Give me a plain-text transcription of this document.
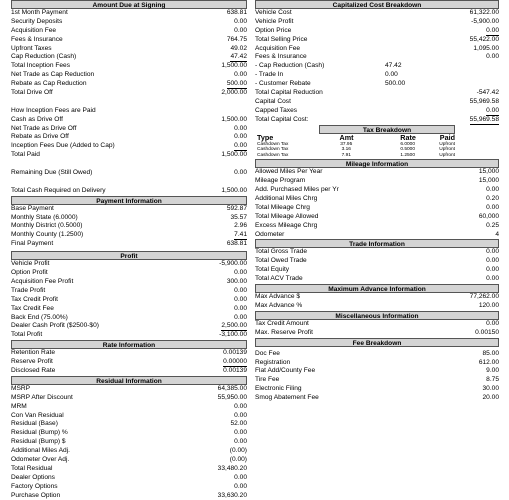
Amount Due at Signing
1st Month Payment	638.81
Security Deposits	0.00
Acquisition Fee	0.00
Fees & Insurance	764.75
Upfront Taxes	49.02
Cap Reduction (Cash)	47.42
Total Inception Fees	1,500.00
Net Trade as Cap Reduction	0.00
Rebate as Cap Reduction	500.00
Total Drive Off	2,000.00
How Inception Fees are Paid
Cash as Drive Off	1,500.00
Net Trade as Drive Off	0.00
Rebate as Drive Off	0.00
Inception Fees Due (Added to Cap)	0.00
Total Paid	1,500.00
Remaining Due (Still Owed)	0.00
Total Cash Required on Delivery	1,500.00
Payment Information
Base Payment	592.87
Monthly State (6.0000)	35.57
Monthly District (0.5000)	2.96
Monthly County (1.2500)	7.41
Final Payment	638.81
Profit
Vehicle Profit	-5,900.00
Option Profit	0.00
Acquisition Fee Profit	300.00
Trade Profit	0.00
Tax Credit Profit	0.00
Tax Credit Fee	0.00
Back End (75.00%)	0.00
Dealer Cash Profit ($2500-$0)	2,500.00
Total Profit	-3,100.00
Rate Information
Retention Rate	0.00139
Reserve Profit	0.00000
Disclosed Rate	0.00139
Residual Information
MSRP	64,385.00
MSRP After Discount	55,950.00
MRM	0.00
Con Van Residual	0.00
Residual (Base)	52.00
Residual (Bump) %	0.00
Residual (Bump) $	0.00
Additional Miles Adj.	(0.00)
Odometer Over Adj.	(0.00)
Total Residual	33,480.20
Dealer Options	0.00
Factory Options	0.00
Purchase Option	33,630.20
Capitalized Cost Breakdown
Vehicle Cost	61,322.00
Vehicle Profit	-5,900.00
Option Price	0.00
Total Selling Price	55,422.00
Acquisition Fee	1,095.00
Fees & Insurance	0.00
- Cap Reduction (Cash)	47.42
- Trade In	0.00
- Customer Rebate	500.00
Total Capital Reduction	-547.42
Capital Cost	55,969.58
Capped Taxes	0.00
Total Capital Cost:	55,969.58
Tax Breakdown
Type	Amt	Rate	Paid
Cashdown Tax	37.95	6.0000	Upfront
Cashdown Tax	3.16	0.5000	Upfront
Cashdown Tax	7.91	1.2500	Upfront
Mileage Information
Allowed Miles Per Year	15,000
Mileage Program	15,000
Add. Purchased Miles per Yr	0.00
Additional Miles Chrg	0.20
Total Mileage Chrg	0.00
Total Mileage Allowed	60,000
Excess Mileage Chrg	0.25
Odometer	4
Trade Information
Total Gross Trade	0.00
Total Owed Trade	0.00
Total Equity	0.00
Total ACV Trade	0.00
Maximum Advance Information
Max Advance $	77,262.00
Max Advance %	120.00
Miscellaneous Information
Tax Credit Amount	0.00
Max. Reserve Profit	0.00150
Fee Breakdown
Doc Fee	85.00
Registration	612.00
Flat Add/County Fee	9.00
Tire Fee	8.75
Electronic Filing	30.00
Smog Abatement Fee	20.00
